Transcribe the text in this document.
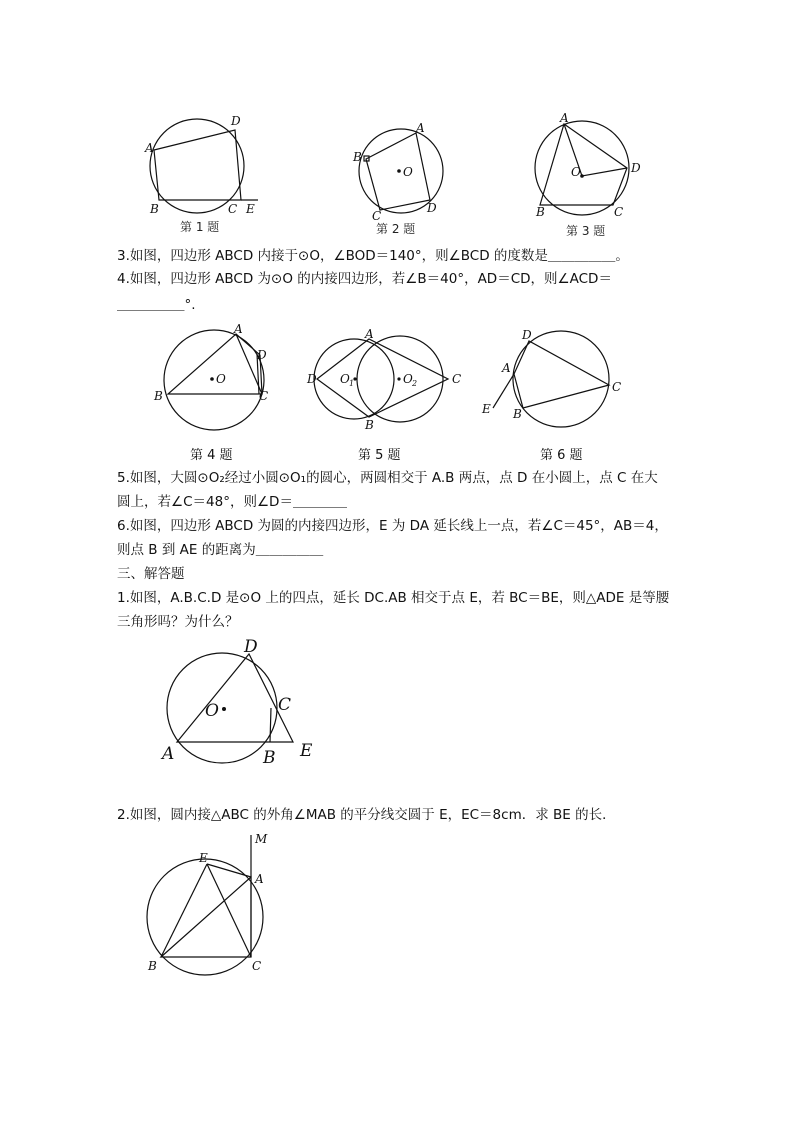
A
D
B	C E
第 1 题
A
B
O
C
D
第 2 题
A
O	D
B	C
第 3 题
3.如图，四边形 ABCD 内接于⊙O，∠BOD＝140°，则∠BCD 的度数是＿＿＿＿＿。
4.如图，四边形 ABCD 为⊙O 的内接四边形，若∠B＝40°，AD＝CD，则∠ACD＝
＿＿＿＿＿°.
A
D
O
B	C
第 4 题
A
D O 1	O 2	C
B
第 5 题
D
A
C
E B
第 6 题
5.如图，大圆⊙O₂经过小圆⊙O₁的圆心，两圆相交于 A.B 两点，点 D 在小圆上，点 C 在大
圆上，若∠C＝48°，则∠D＝＿＿＿＿
6.如图，四边形 ABCD 为圆的内接四边形，E 为 DA 延长线上一点，若∠C＝45°，AB＝4，
则点 B 到 AE 的距离为＿＿＿＿＿
三、解答题
1.如图，A.B.C.D 是⊙O 上的四点，延长 DC.AB 相交于点 E，若 BC＝BE，则△ADE 是等腰
三角形吗？为什么？
D
C
O
A	B E
2.如图，圆内接△ABC 的外角∠MAB 的平分线交圆于 E，EC＝8cm．求 BE 的长．
M
E
A
B	C
